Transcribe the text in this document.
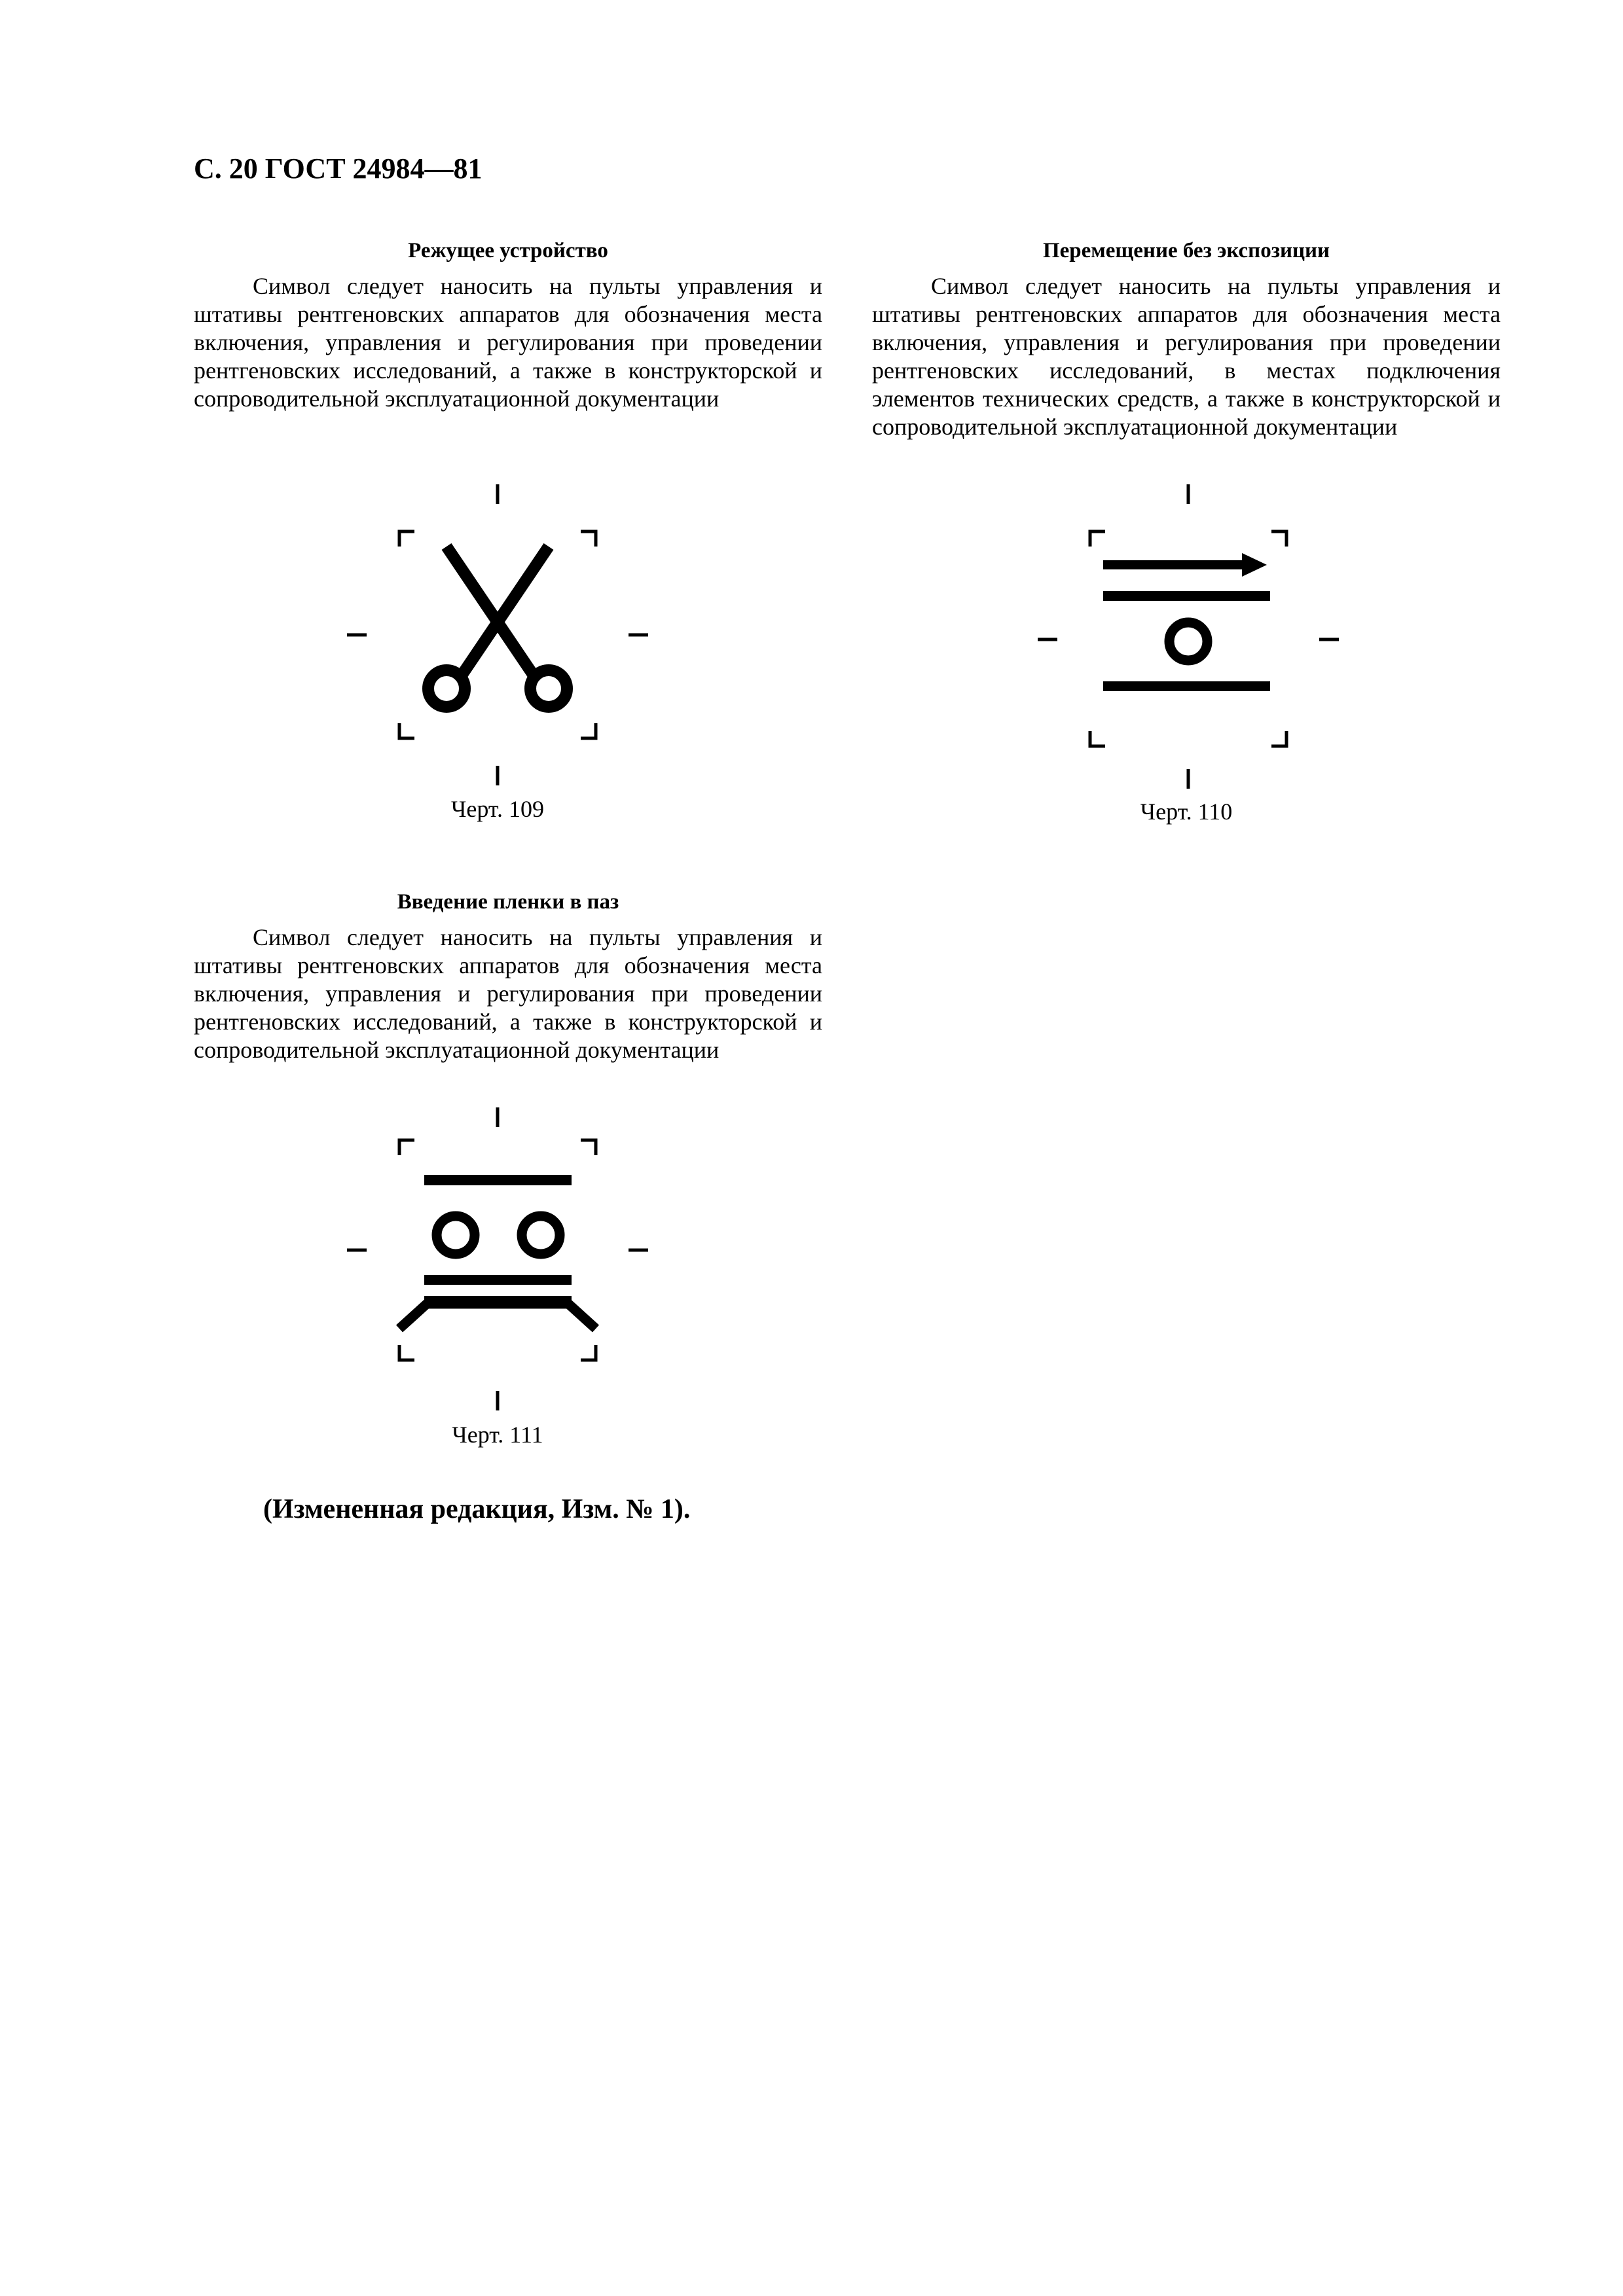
С. 20 ГОСТ 24984—81
Режущее устройство

Символ следует наносить на пульты управления и штативы рентгеновских аппаратов для обозначения места включения, управления и регулирования при проведении рентгеновских исследований, а также в конструкторской и сопроводительной эксплуатационной документации

Черт. 109
Перемещение без экспозиции

Символ следует наносить на пульты управления и штативы рентгеновских аппаратов для обозначения места включения, управления и регулирования при проведении рентгеновских исследований, в местах подключения элементов технических средств, а также в конструкторской и сопроводительной эксплуатационной документации

Черт. 110
Введение пленки в паз

Символ следует наносить на пульты управления и штативы рентгеновских аппаратов для обозначения места включения, управления и регулирования при проведении рентгеновских исследований, а также в конструкторской и сопроводительной эксплуатационной документации

Черт. 111
(Измененная редакция, Изм. № 1).
